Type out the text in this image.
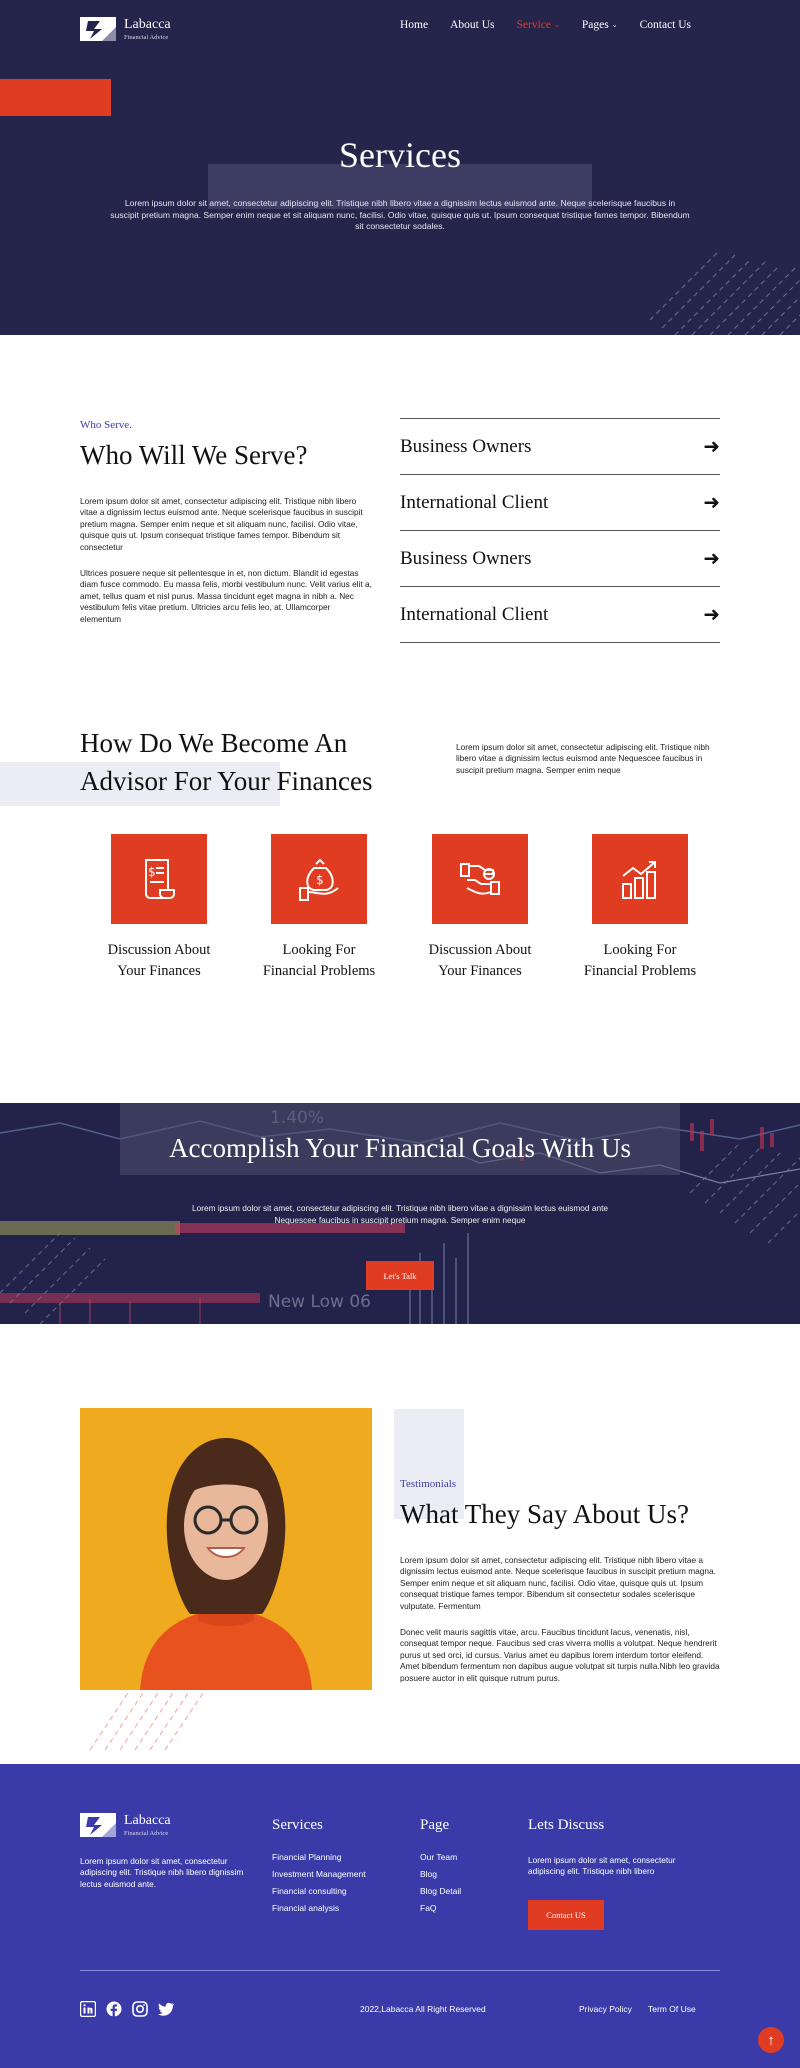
Labacca
Financial Advice
Home About Us Service ⌄ Pages ⌄ Contact Us
Services

Lorem ipsum dolor sit amet, consectetur adipiscing elit. Tristique nibh libero vitae a dignissim lectus euismod ante. Neque scelerisque faucibus in suscipit pretium magna. Semper enim neque et sit aliquam nunc, facilisi. Odio vitae, quisque quis ut. Ipsum consequat tristique fames tempor. Bibendum sit consectetur sodales.

Who Serve.
Who Will We Serve?

Lorem ipsum dolor sit amet, consectetur adipiscing elit. Tristique nibh libero vitae a dignissim lectus euismod ante. Neque scelerisque faucibus in suscipit pretium magna. Semper enim neque et sit aliquam nunc, facilisi. Odio vitae, quisque quis ut. Ipsum consequat tristique fames tempor. Bibendum sit consectetur

Ultrices posuere neque sit pellentesque in et, non dictum. Blandit id egestas diam fusce commodo. Eu massa felis, morbi vestibulum nunc. Velit varius elit a, amet, tellus quam et nisl purus. Massa tincidunt eget magna in nibh a. Nec vestibulum felis vitae pretium. Ultricies arcu felis leo, at. Ullamcorper elementum

Business Owners	➜
International Client	➜
Business Owners	➜
International Client	➜
How Do We Become An
Advisor For Your Finances

Lorem ipsum dolor sit amet, consectetur adipiscing elit. Tristique nibh libero vitae a dignissim lectus euismod ante Nequescee faucibus in suscipit pretium magna. Semper enim neque

$
Discussion About
Your Finances
$
Looking For
Financial Problems
Discussion About
Your Finances
Looking For
Financial Problems
New Low 06
Accomplish Your Financial Goals With Us

Lorem ipsum dolor sit amet, consectetur adipiscing elit. Tristique nibh libero vitae a dignissim lectus euismod ante Nequescee faucibus in suscipit pretium magna. Semper enim neque

Let's Talk
Testimonials
What They Say About Us?

Lorem ipsum dolor sit amet, consectetur adipiscing elit. Tristique nibh libero vitae a dignissim lectus euismod ante. Neque scelerisque faucibus in suscipit pretium magna. Semper enim neque et sit aliquam nunc, facilisi. Odio vitae, quisque quis ut. Ipsum consequat tristique fames tempor. Bibendum sit consectetur sodales scelerisque vulputate. Fermentum

Donec velit mauris sagittis vitae, arcu. Faucibus tincidunt lacus, venenatis, nisl, consequat tempor neque. Faucibus sed cras viverra mollis a volutpat. Neque hendrerit purus ut sed orci, id cursus. Varius amet eu dapibus lorem interdum tortor eleifend. Amet bibendum fermentum non dapibus augue volutpat sit turpis nulla.Nibh leo gravida posuere auctor in elit quisque rutrum purus.

Labacca
Financial Advice

Lorem ipsum dolor sit amet, consectetur adipiscing elit. Tristique nibh libero dignissim lectus euismod ante.

Services
Financial Planning
Investment Management
Financial consulting
Financial analysis
Page
Our Team
Blog
Blog Detail
FaQ
Lets Discuss

Lorem ipsum dolor sit amet, consectetur adipiscing elit. Tristique nibh libero

Contact US
2022,Labacca All Right Reserved	Privacy Policy Term Of Use
↑
